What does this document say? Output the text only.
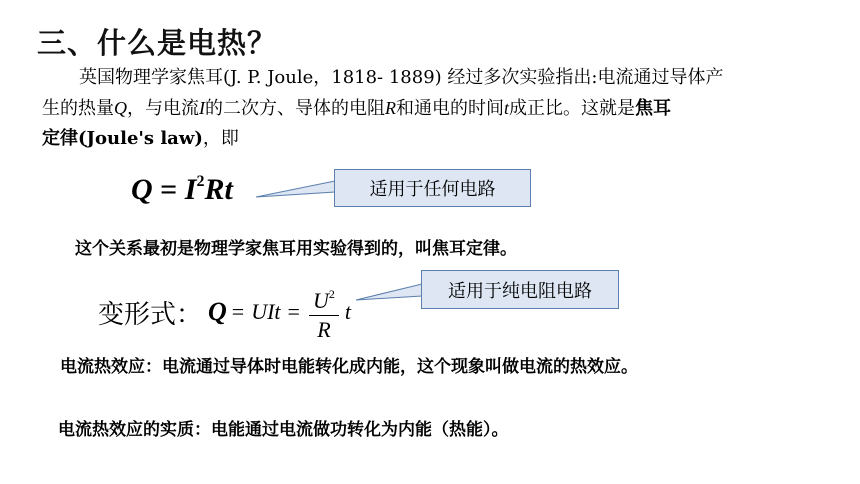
三、什么是电热？
英国物理学家焦耳(J. P. Joule，1818- 1889) 经过多次实验指出:电流通过导体产
生的热量Q，与电流I的二次方、导体的电阻R和通电的时间t成正比。这就是焦耳
定律(Joule's law)，即
$Q = I^2Rt$	适用于任何电路
这个关系最初是物理学家焦耳用实验得到的，叫焦耳定律。
变形式： Q = UIt = $\frac{U^2}{R}$ t
适用于纯电阻电路
电流热效应：电流通过导体时电能转化成内能，这个现象叫做电流的热效应。
电流热效应的实质：电能通过电流做功转化为内能（热能）。
